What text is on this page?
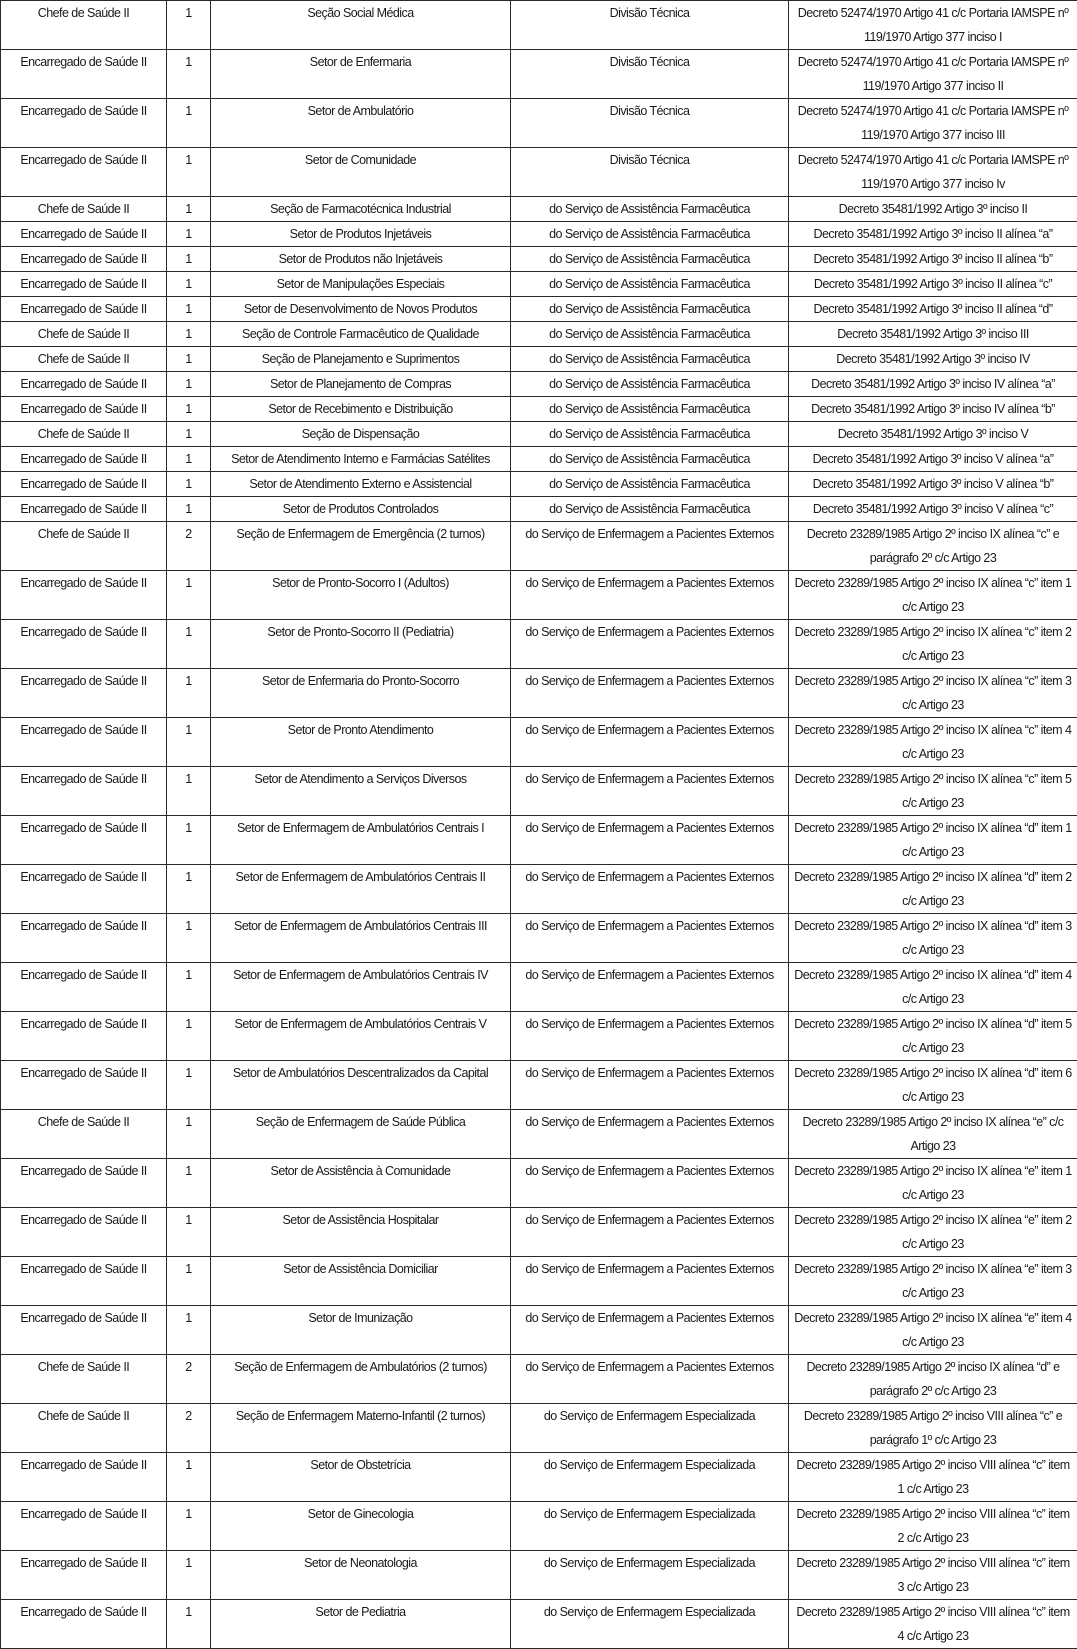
Chefe de Saúde II	1	Seção Social Médica	Divisão Técnica	Decreto 52474/1970 Artigo 41 c/c Portaria IAMSPE nº 119/1970 Artigo 377 inciso I
Encarregado de Saúde II	1	Setor de Enfermaria	Divisão Técnica	Decreto 52474/1970 Artigo 41 c/c Portaria IAMSPE nº 119/1970 Artigo 377 inciso II
Encarregado de Saúde II	1	Setor de Ambulatório	Divisão Técnica	Decreto 52474/1970 Artigo 41 c/c Portaria IAMSPE nº 119/1970 Artigo 377 inciso III
Encarregado de Saúde II	1	Setor de Comunidade	Divisão Técnica	Decreto 52474/1970 Artigo 41 c/c Portaria IAMSPE nº 119/1970 Artigo 377 inciso Iv
Chefe de Saúde II	1	Seção de Farmacotécnica Industrial	do Serviço de Assistência Farmacêutica	Decreto 35481/1992 Artigo 3º inciso II
Encarregado de Saúde II	1	Setor de Produtos Injetáveis	do Serviço de Assistência Farmacêutica	Decreto 35481/1992 Artigo 3º inciso II alínea “a”
Encarregado de Saúde II	1	Setor de Produtos não Injetáveis	do Serviço de Assistência Farmacêutica	Decreto 35481/1992 Artigo 3º inciso II alínea “b”
Encarregado de Saúde II	1	Setor de Manipulações Especiais	do Serviço de Assistência Farmacêutica	Decreto 35481/1992 Artigo 3º inciso II alínea “c”
Encarregado de Saúde II	1	Setor de Desenvolvimento de Novos Produtos	do Serviço de Assistência Farmacêutica	Decreto 35481/1992 Artigo 3º inciso II alínea “d”
Chefe de Saúde II	1	Seção de Controle Farmacêutico de Qualidade	do Serviço de Assistência Farmacêutica	Decreto 35481/1992 Artigo 3º inciso III
Chefe de Saúde II	1	Seção de Planejamento e Suprimentos	do Serviço de Assistência Farmacêutica	Decreto 35481/1992 Artigo 3º inciso IV
Encarregado de Saúde II	1	Setor de Planejamento de Compras	do Serviço de Assistência Farmacêutica	Decreto 35481/1992 Artigo 3º inciso IV alínea “a”
Encarregado de Saúde II	1	Setor de Recebimento e Distribuição	do Serviço de Assistência Farmacêutica	Decreto 35481/1992 Artigo 3º inciso IV alínea “b”
Chefe de Saúde II	1	Seção de Dispensação	do Serviço de Assistência Farmacêutica	Decreto 35481/1992 Artigo 3º inciso V
Encarregado de Saúde II	1	Setor de Atendimento Interno e Farmácias Satélites	do Serviço de Assistência Farmacêutica	Decreto 35481/1992 Artigo 3º inciso V alínea “a”
Encarregado de Saúde II	1	Setor de Atendimento Externo e Assistencial	do Serviço de Assistência Farmacêutica	Decreto 35481/1992 Artigo 3º inciso V alínea “b”
Encarregado de Saúde II	1	Setor de Produtos Controlados	do Serviço de Assistência Farmacêutica	Decreto 35481/1992 Artigo 3º inciso V alínea “c”
Chefe de Saúde II	2	Seção de Enfermagem de Emergência (2 turnos)	do Serviço de Enfermagem a Pacientes Externos	Decreto 23289/1985 Artigo 2º inciso IX alínea “c” e parágrafo 2º c/c Artigo 23
Encarregado de Saúde II	1	Setor de Pronto-Socorro I (Adultos)	do Serviço de Enfermagem a Pacientes Externos	Decreto 23289/1985 Artigo 2º inciso IX alínea “c” item 1 c/c Artigo 23
Encarregado de Saúde II	1	Setor de Pronto-Socorro II (Pediatria)	do Serviço de Enfermagem a Pacientes Externos	Decreto 23289/1985 Artigo 2º inciso IX alínea “c” item 2 c/c Artigo 23
Encarregado de Saúde II	1	Setor de Enfermaria do Pronto-Socorro	do Serviço de Enfermagem a Pacientes Externos	Decreto 23289/1985 Artigo 2º inciso IX alínea “c” item 3 c/c Artigo 23
Encarregado de Saúde II	1	Setor de Pronto Atendimento	do Serviço de Enfermagem a Pacientes Externos	Decreto 23289/1985 Artigo 2º inciso IX alínea “c” item 4 c/c Artigo 23
Encarregado de Saúde II	1	Setor de Atendimento a Serviços Diversos	do Serviço de Enfermagem a Pacientes Externos	Decreto 23289/1985 Artigo 2º inciso IX alínea “c” item 5 c/c Artigo 23
Encarregado de Saúde II	1	Setor de Enfermagem de Ambulatórios Centrais I	do Serviço de Enfermagem a Pacientes Externos	Decreto 23289/1985 Artigo 2º inciso IX alínea “d” item 1 c/c Artigo 23
Encarregado de Saúde II	1	Setor de Enfermagem de Ambulatórios Centrais II	do Serviço de Enfermagem a Pacientes Externos	Decreto 23289/1985 Artigo 2º inciso IX alínea “d” item 2 c/c Artigo 23
Encarregado de Saúde II	1	Setor de Enfermagem de Ambulatórios Centrais III	do Serviço de Enfermagem a Pacientes Externos	Decreto 23289/1985 Artigo 2º inciso IX alínea “d” item 3 c/c Artigo 23
Encarregado de Saúde II	1	Setor de Enfermagem de Ambulatórios Centrais IV	do Serviço de Enfermagem a Pacientes Externos	Decreto 23289/1985 Artigo 2º inciso IX alínea “d” item 4 c/c Artigo 23
Encarregado de Saúde II	1	Setor de Enfermagem de Ambulatórios Centrais V	do Serviço de Enfermagem a Pacientes Externos	Decreto 23289/1985 Artigo 2º inciso IX alínea “d” item 5 c/c Artigo 23
Encarregado de Saúde II	1	Setor de Ambulatórios Descentralizados da Capital	do Serviço de Enfermagem a Pacientes Externos	Decreto 23289/1985 Artigo 2º inciso IX alínea “d” item 6 c/c Artigo 23
Chefe de Saúde II	1	Seção de Enfermagem de Saúde Pública	do Serviço de Enfermagem a Pacientes Externos	Decreto 23289/1985 Artigo 2º inciso IX alínea “e” c/c Artigo 23
Encarregado de Saúde II	1	Setor de Assistência à Comunidade	do Serviço de Enfermagem a Pacientes Externos	Decreto 23289/1985 Artigo 2º inciso IX alínea “e” item 1 c/c Artigo 23
Encarregado de Saúde II	1	Setor de Assistência Hospitalar	do Serviço de Enfermagem a Pacientes Externos	Decreto 23289/1985 Artigo 2º inciso IX alínea “e” item 2 c/c Artigo 23
Encarregado de Saúde II	1	Setor de Assistência Domiciliar	do Serviço de Enfermagem a Pacientes Externos	Decreto 23289/1985 Artigo 2º inciso IX alínea “e” item 3 c/c Artigo 23
Encarregado de Saúde II	1	Setor de Imunização	do Serviço de Enfermagem a Pacientes Externos	Decreto 23289/1985 Artigo 2º inciso IX alínea “e” item 4 c/c Artigo 23
Chefe de Saúde II	2	Seção de Enfermagem de Ambulatórios (2 turnos)	do Serviço de Enfermagem a Pacientes Externos	Decreto 23289/1985 Artigo 2º inciso IX alínea “d” e parágrafo 2º c/c Artigo 23
Chefe de Saúde II	2	Seção de Enfermagem Materno-Infantil (2 turnos)	do Serviço de Enfermagem Especializada	Decreto 23289/1985 Artigo 2º inciso VIII alínea “c” e parágrafo 1º c/c Artigo 23
Encarregado de Saúde II	1	Setor de Obstetrícia	do Serviço de Enfermagem Especializada	Decreto 23289/1985 Artigo 2º inciso VIII alínea “c” item 1 c/c Artigo 23
Encarregado de Saúde II	1	Setor de Ginecologia	do Serviço de Enfermagem Especializada	Decreto 23289/1985 Artigo 2º inciso VIII alínea “c” item 2 c/c Artigo 23
Encarregado de Saúde II	1	Setor de Neonatologia	do Serviço de Enfermagem Especializada	Decreto 23289/1985 Artigo 2º inciso VIII alínea “c” item 3 c/c Artigo 23
Encarregado de Saúde II	1	Setor de Pediatria	do Serviço de Enfermagem Especializada	Decreto 23289/1985 Artigo 2º inciso VIII alínea “c” item 4 c/c Artigo 23
